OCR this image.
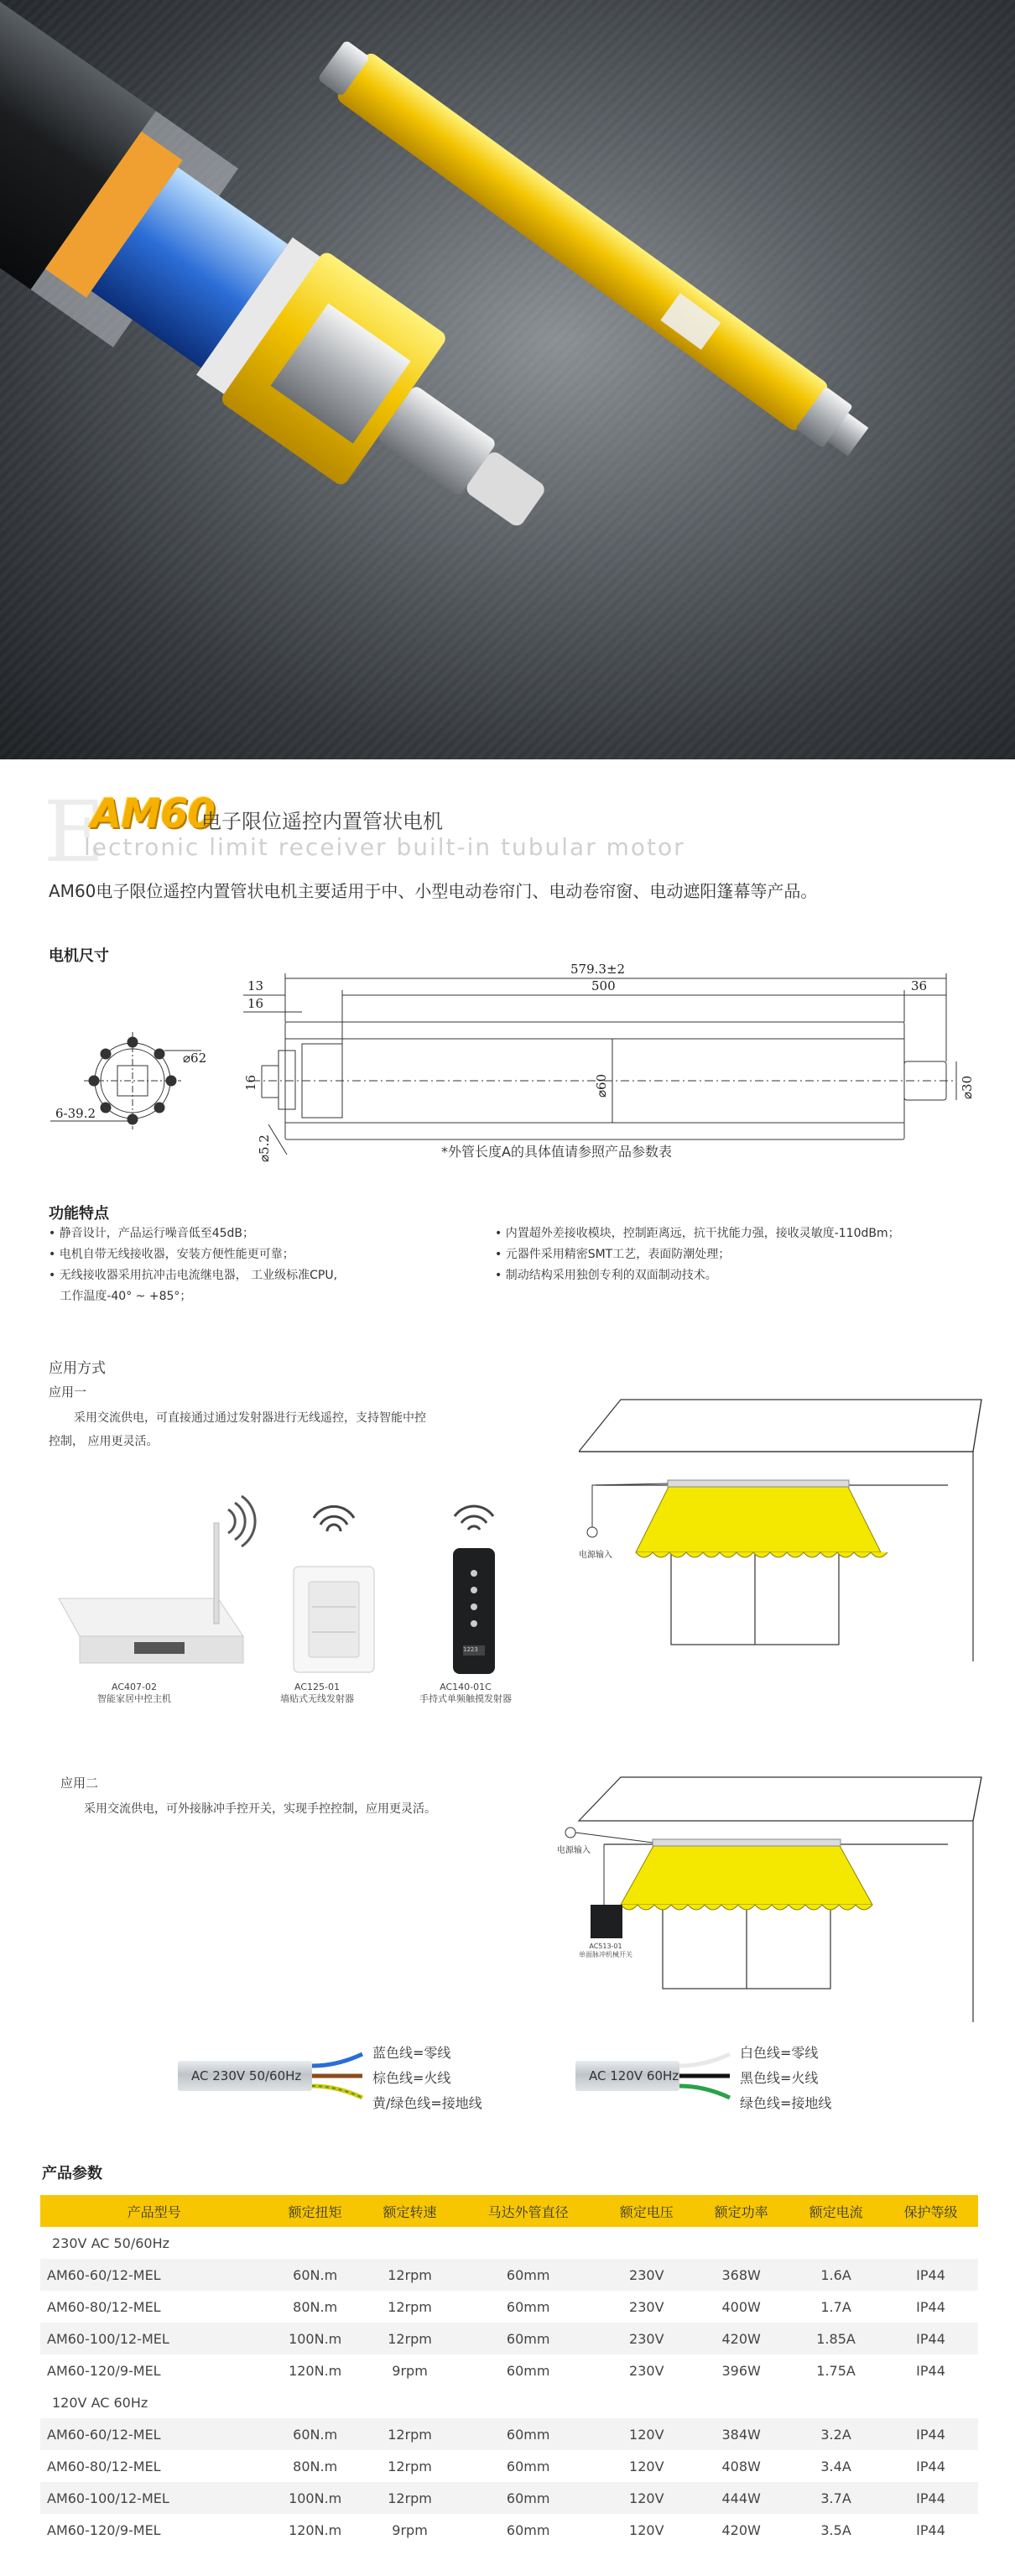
E
AM60
电子限位遥控内置管状电机
lectronic limit receiver built-in tubular motor
AM60电子限位遥控内置管状电机主要适用于中、小型电动卷帘门、电动卷帘窗、电动遮阳篷幕等产品。
电机尺寸
579.3±2
500	36
13
16
⌀62
⌀60	⌀30
6-39.2
16
⌀5.2	*外管长度A的具体值请参照产品参数表
功能特点
• 静音设计，产品运行噪音低至45dB；
• 电机自带无线接收器，安装方便性能更可靠；
• 无线接收器采用抗冲击电流继电器， 工业级标准CPU,
工作温度-40° ~ +85°；
• 内置超外差接收模块，控制距离远，抗干扰能力强，接收灵敏度-110dBm；
• 元器件采用精密SMT工艺，表面防潮处理；
• 制动结构采用独创专利的双面制动技术。
应用方式
应用一
采用交流供电，可直接通过通过发射器进行无线遥控，支持智能中控
控制， 应用更灵活。
1223
AC407-02
智能家居中控主机
AC125-01
墙贴式无线发射器
AC140-01C
手持式单频触摸发射器
电源输入
应用二
采用交流供电，可外接脉冲手控开关，实现手控控制，应用更灵活。
电源输入
AC513-01
单面脉冲机械开关
AC 230V 50/60Hz
蓝色线=零线
棕色线=火线
黄/绿色线=接地线
AC 120V 60Hz
白色线=零线
黑色线=火线
绿色线=接地线
产品参数
产品型号	额定扭矩	额定转速	马达外管直径	额定电压	额定功率	额定电流	保护等级
230V AC 50/60Hz							
AM60-60/12-MEL	60N.m	12rpm	60mm	230V	368W	1.6A	IP44
AM60-80/12-MEL	80N.m	12rpm	60mm	230V	400W	1.7A	IP44
AM60-100/12-MEL	100N.m	12rpm	60mm	230V	420W	1.85A	IP44
AM60-120/9-MEL	120N.m	9rpm	60mm	230V	396W	1.75A	IP44
120V AC 60Hz							
AM60-60/12-MEL	60N.m	12rpm	60mm	120V	384W	3.2A	IP44
AM60-80/12-MEL	80N.m	12rpm	60mm	120V	408W	3.4A	IP44
AM60-100/12-MEL	100N.m	12rpm	60mm	120V	444W	3.7A	IP44
AM60-120/9-MEL	120N.m	9rpm	60mm	120V	420W	3.5A	IP44
